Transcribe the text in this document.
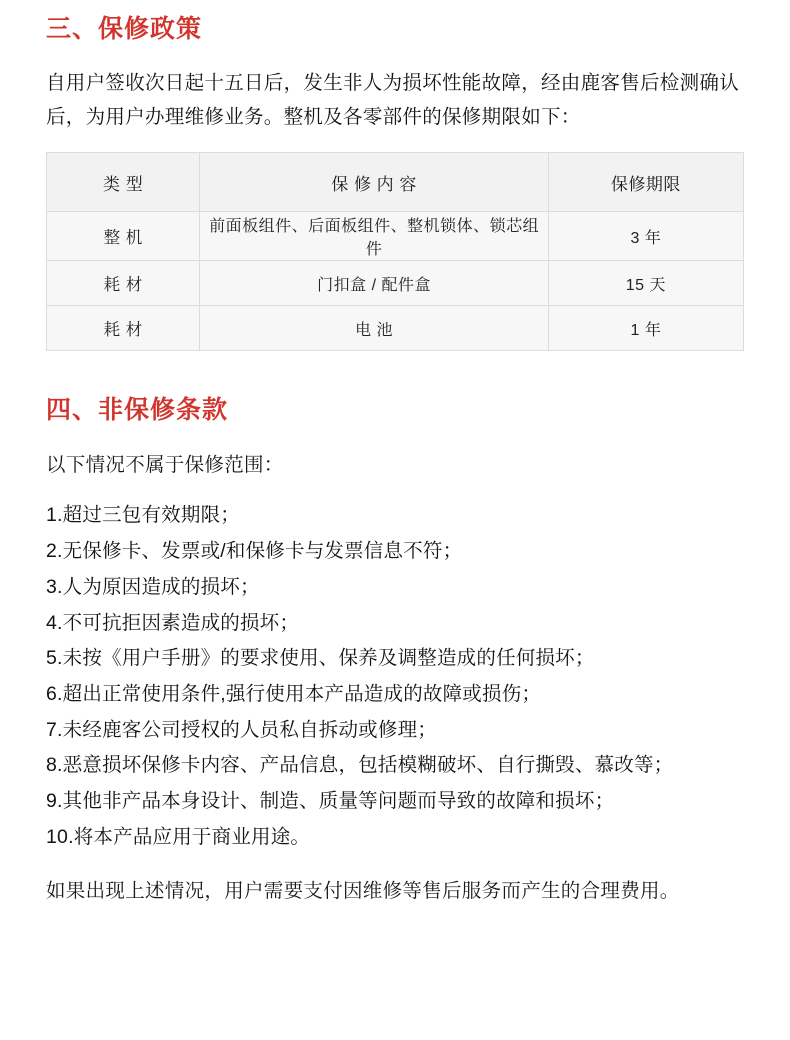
三、保修政策

自用户签收次日起十五日后，发生非人为损坏性能故障，经由鹿客售后检测确认后，为用户办理维修业务。整机及各零部件的保修期限如下：

类 型	保 修 内 容	保修期限
整 机	前面板组件、后面板组件、整机锁体、锁芯组件	3 年
耗 材	门扣盒 / 配件盒	15 天
耗 材	电 池	1 年
四、非保修条款

以下情况不属于保修范围：

1. 超过三包有效期限；
2. 无保修卡、发票或/和保修卡与发票信息不符；
3. 人为原因造成的损坏；
4. 不可抗拒因素造成的损坏；
5. 未按《用户手册》的要求使用、保养及调整造成的任何损坏；
6. 超出正常使用条件,强行使用本产品造成的故障或损伤；
7. 未经鹿客公司授权的人员私自拆动或修理；
8. 恶意损坏保修卡内容、产品信息，包括模糊破坏、自行撕毁、慕改等；
9. 其他非产品本身设计、制造、质量等问题而导致的故障和损坏；
10. 将本产品应用于商业用途。

如果出现上述情况，用户需要支付因维修等售后服务而产生的合理费用。
